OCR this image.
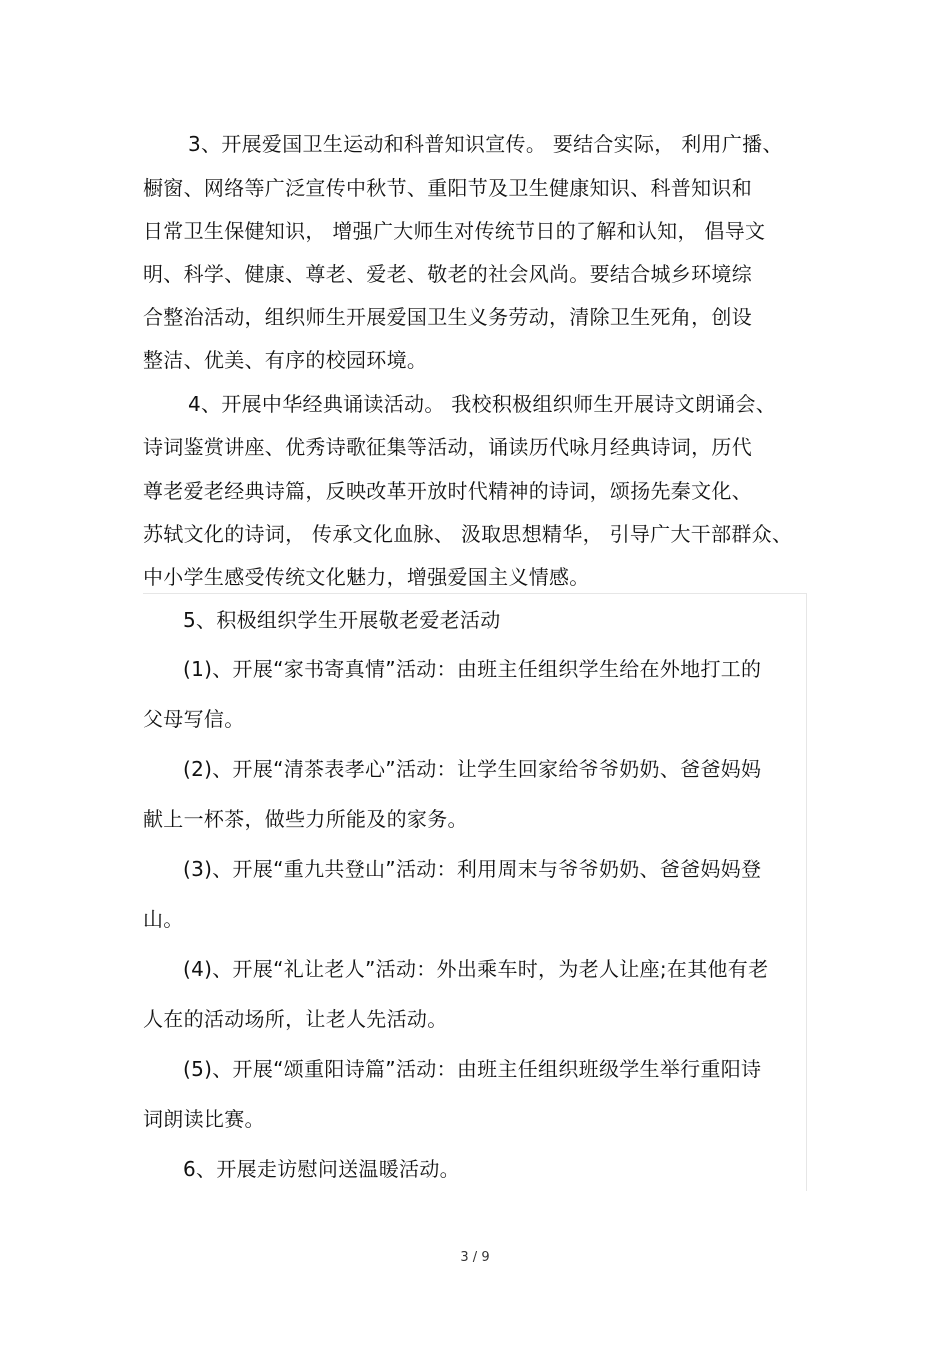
3、开展爱国卫生运动和科普知识宣传。 要结合实际， 利用广播、
橱窗、网络等广泛宣传中秋节、重阳节及卫生健康知识、科普知识和
日常卫生保健知识， 增强广大师生对传统节日的了解和认知， 倡导文
明、科学、健康、尊老、爱老、敬老的社会风尚。要结合城乡环境综
合整治活动，组织师生开展爱国卫生义务劳动，清除卫生死角，创设
整洁、优美、有序的校园环境。
4、开展中华经典诵读活动。 我校积极组织师生开展诗文朗诵会、
诗词鉴赏讲座、优秀诗歌征集等活动，诵读历代咏月经典诗词，历代
尊老爱老经典诗篇，反映改革开放时代精神的诗词，颂扬先秦文化、
苏轼文化的诗词， 传承文化血脉、 汲取思想精华， 引导广大干部群众、
中小学生感受传统文化魅力，增强爱国主义情感。
5、积极组织学生开展敬老爱老活动
(1)、开展“家书寄真情”活动：由班主任组织学生给在外地打工的
父母写信。
(2)、开展“清茶表孝心”活动：让学生回家给爷爷奶奶、爸爸妈妈
献上一杯茶，做些力所能及的家务。
(3)、开展“重九共登山”活动：利用周末与爷爷奶奶、爸爸妈妈登
山。
(4)、开展“礼让老人”活动：外出乘车时，为老人让座;在其他有老
人在的活动场所，让老人先活动。
(5)、开展“颂重阳诗篇”活动：由班主任组织班级学生举行重阳诗
词朗读比赛。
6、开展走访慰问送温暖活动。
3 / 9
